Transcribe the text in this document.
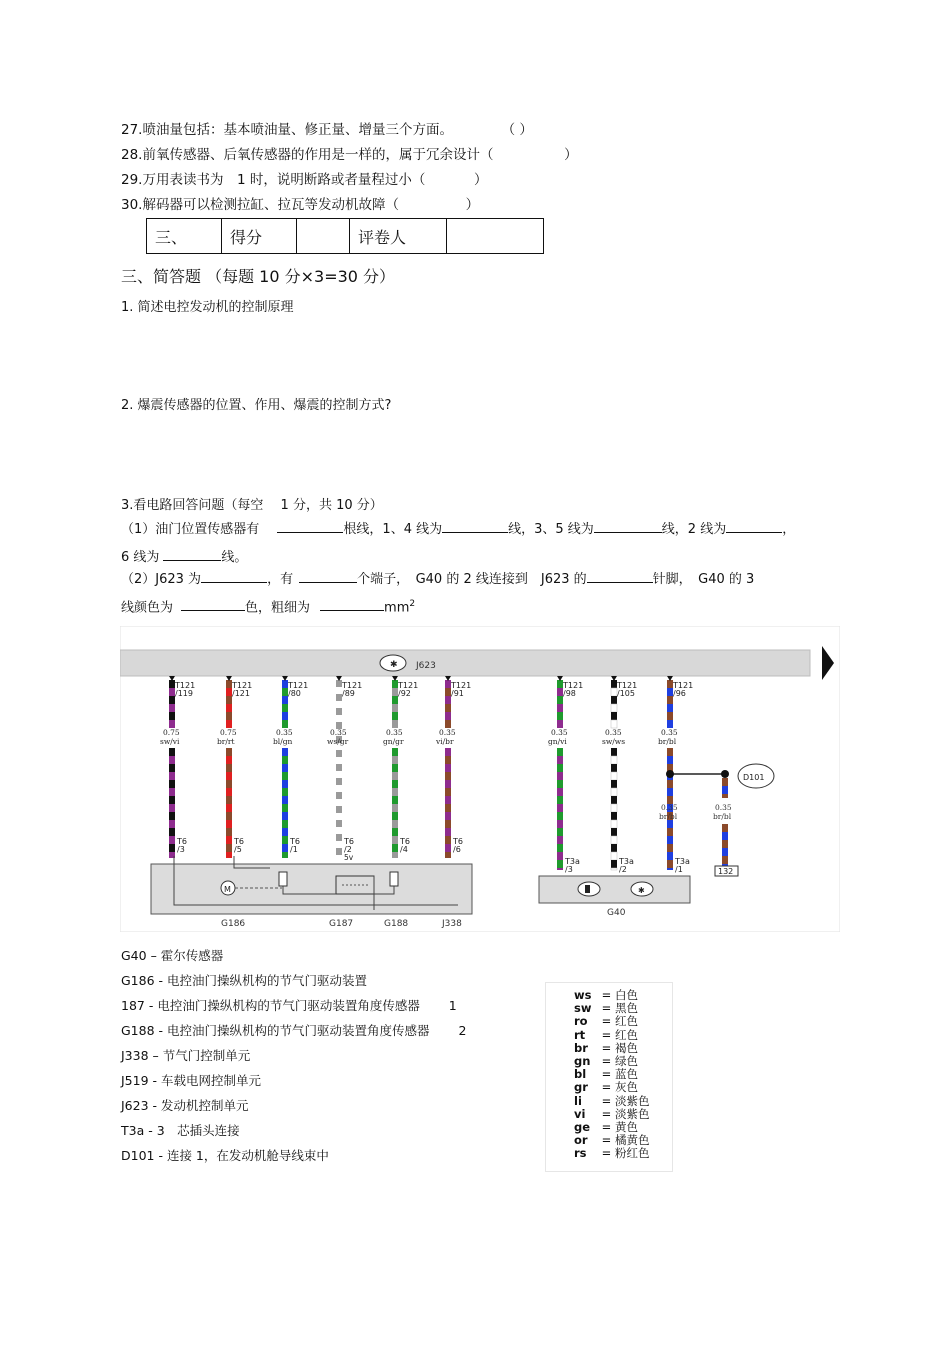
27.喷油量包括：基本喷油量、修正量、增量三个方面。	（ ）
28.前氧传感器、后氧传感器的作用是一样的，属于冗余设计（	）
29.万用表读书为　1 时，说明断路或者量程过小（	）
30.解码器可以检测拉缸、拉瓦等发动机故障（	）
三、	得分		评卷人	
三、简答题 （每题 10 分×3=30 分）
1. 简述电控发动机的控制原理
2. 爆震传感器的位置、作用、爆震的控制方式?
3.看电路回答问题（每空　 1 分，共 10 分）
（1）油门位置传感器有	根线，1、4 线为	线，3、5 线为	线，2 线为	，
6 线为	线。
（2）J623 为	，有	个端子，　G40 的 2 线连接到　J623 的	针脚，　G40 的 3
线颜色为	色，粗细为	$mm^2$
✱ J623
T121
/119
0.75
sw/vi
T6
/3
T121
/121
0.75
br/rt
T6
/5
T121
/80
0.35
bl/gn
T6
/1
T121
/89
0.35
ws/gr
T6
/2
T121
/92
0.35
gn/gr
T6
/4
T121
/91
0.35
vi/br
T6
/6
T121
/98
0.35
gn/vi
T3a
/3
T121
/105
0.35
sw/ws
T3a
/2
T121
/96
0.35
br/bl
T3a
/1
5v
M
G186	G187	G188	J338
✱
G40
D101
132
0.35
br/bl
0.35
br/bl
G40 – 霍尔传感器
G186 - 电控油门操纵机构的节气门驱动装置
187 - 电控油门操纵机构的节气门驱动装置角度传感器　　 1
G188 - 电控油门操纵机构的节气门驱动装置角度传感器　　 2
J338 – 节气门控制单元
J519 - 车载电网控制单元
J623 - 发动机控制单元
T3a - 3　芯插头连接
D101 - 连接 1，在发动机舱导线束中
ws = 白色
sw = 黑色
ro = 红色
rt = 红色
br = 褐色
gn = 绿色
bl = 蓝色
gr = 灰色
li = 淡紫色
vi = 淡紫色
ge = 黄色
or = 橘黄色
rs = 粉红色
